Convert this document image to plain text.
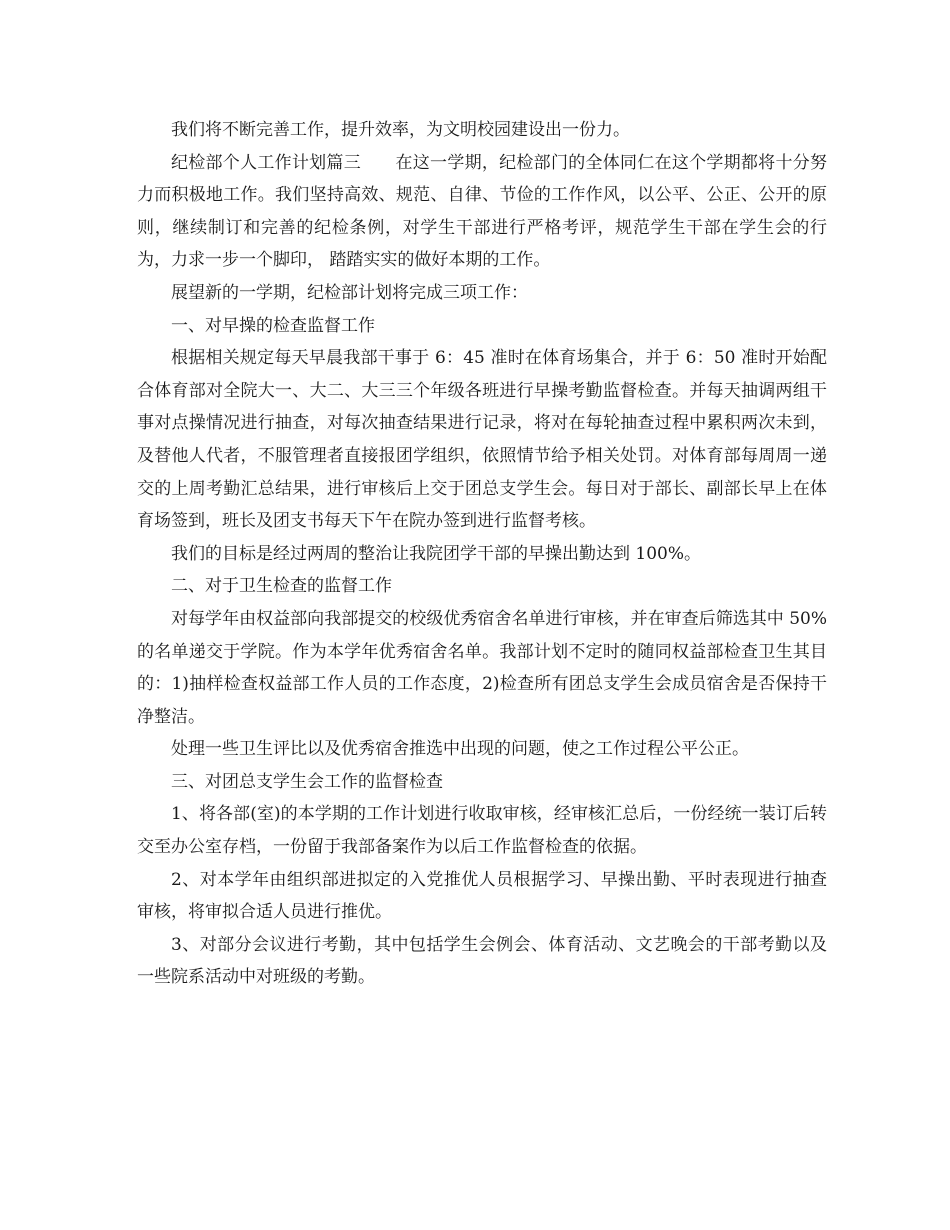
我们将不断完善工作，提升效率，为文明校园建设出一份力。

纪检部个人工作计划篇三　　在这一学期，纪检部门的全体同仁在这个学期都将十分努力而积极地工作。我们坚持高效、规范、自律、节俭的工作作风，以公平、公正、公开的原则，继续制订和完善的纪检条例，对学生干部进行严格考评，规范学生干部在学生会的行为，力求一步一个脚印， 踏踏实实的做好本期的工作。

展望新的一学期，纪检部计划将完成三项工作：

一、对早操的检查监督工作

根据相关规定每天早晨我部干事于 6：45 准时在体育场集合，并于 6：50 准时开始配合体育部对全院大一、大二、大三三个年级各班进行早操考勤监督检查。并每天抽调两组干事对点操情况进行抽查，对每次抽查结果进行记录，将对在每轮抽查过程中累积两次未到，及替他人代者，不服管理者直接报团学组织，依照情节给予相关处罚。对体育部每周周一递交的上周考勤汇总结果，进行审核后上交于团总支学生会。每日对于部长、副部长早上在体育场签到，班长及团支书每天下午在院办签到进行监督考核。

我们的目标是经过两周的整治让我院团学干部的早操出勤达到 100%。

二、对于卫生检查的监督工作

对每学年由权益部向我部提交的校级优秀宿舍名单进行审核，并在审查后筛选其中 50%的名单递交于学院。作为本学年优秀宿舍名单。我部计划不定时的随同权益部检查卫生其目的：1)抽样检查权益部工作人员的工作态度，2)检查所有团总支学生会成员宿舍是否保持干净整洁。

处理一些卫生评比以及优秀宿舍推选中出现的问题，使之工作过程公平公正。

三、对团总支学生会工作的监督检查

1、将各部(室)的本学期的工作计划进行收取审核，经审核汇总后，一份经统一装订后转交至办公室存档，一份留于我部备案作为以后工作监督检查的依据。

2、对本学年由组织部进拟定的入党推优人员根据学习、早操出勤、平时表现进行抽查审核，将审拟合适人员进行推优。

3、对部分会议进行考勤，其中包括学生会例会、体育活动、文艺晚会的干部考勤以及一些院系活动中对班级的考勤。
